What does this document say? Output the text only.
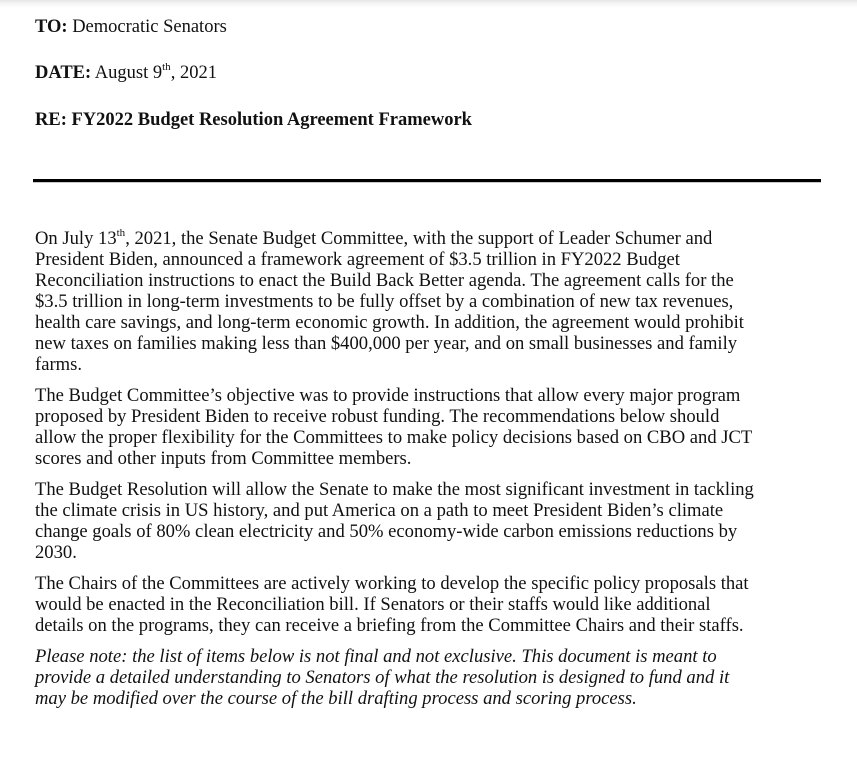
TO: Democratic Senators
DATE: August 9th, 2021
RE: FY2022 Budget Resolution Agreement Framework
On July 13th, 2021, the Senate Budget Committee, with the support of Leader Schumer and
President Biden, announced a framework agreement of $3.5 trillion in FY2022 Budget
Reconciliation instructions to enact the Build Back Better agenda. The agreement calls for the
$3.5 trillion in long-term investments to be fully offset by a combination of new tax revenues,
health care savings, and long-term economic growth. In addition, the agreement would prohibit
new taxes on families making less than $400,000 per year, and on small businesses and family
farms.
The Budget Committee’s objective was to provide instructions that allow every major program
proposed by President Biden to receive robust funding. The recommendations below should
allow the proper flexibility for the Committees to make policy decisions based on CBO and JCT
scores and other inputs from Committee members.
The Budget Resolution will allow the Senate to make the most significant investment in tackling
the climate crisis in US history, and put America on a path to meet President Biden’s climate
change goals of 80% clean electricity and 50% economy-wide carbon emissions reductions by
2030.
The Chairs of the Committees are actively working to develop the specific policy proposals that
would be enacted in the Reconciliation bill. If Senators or their staffs would like additional
details on the programs, they can receive a briefing from the Committee Chairs and their staffs.
Please note: the list of items below is not final and not exclusive. This document is meant to
provide a detailed understanding to Senators of what the resolution is designed to fund and it
may be modified over the course of the bill drafting process and scoring process.
